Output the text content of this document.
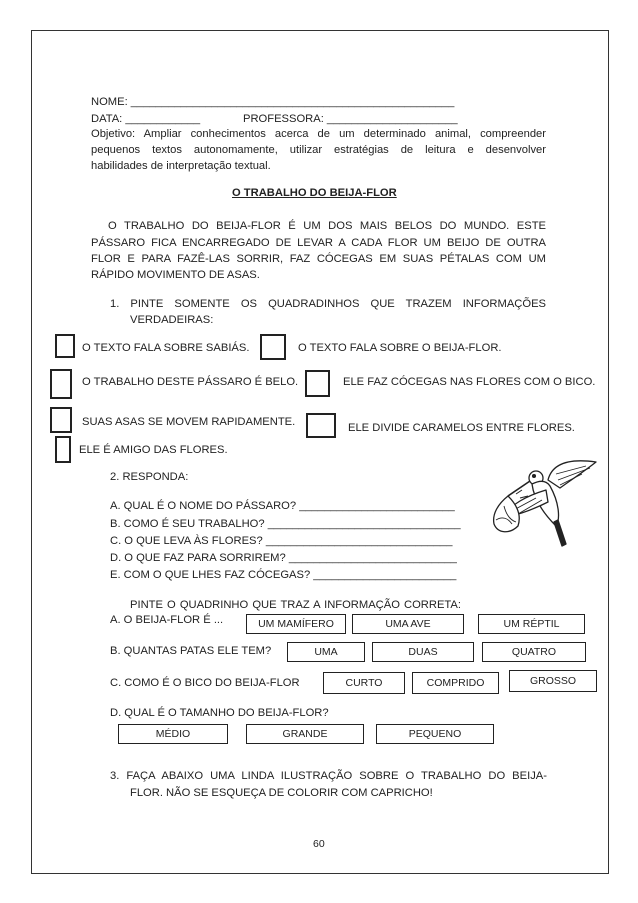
NOME: ____________________________________________________
DATA: ____________	PROFESSORA: _____________________
Objetivo: Ampliar conhecimentos acerca de um determinado animal, compreender
pequenos textos autonomamente, utilizar estratégias de leitura e desenvolver
habilidades de interpretação textual.
O TRABALHO DO BEIJA-FLOR
O TRABALHO DO BEIJA-FLOR É UM DOS MAIS BELOS DO MUNDO. ESTE
PÁSSARO FICA ENCARREGADO DE LEVAR A CADA FLOR UM BEIJO DE OUTRA
FLOR E PARA FAZÊ-LAS SORRIR, FAZ CÓCEGAS EM SUAS PÉTALAS COM UM
RÁPIDO MOVIMENTO DE ASAS.
1. PINTE SOMENTE OS QUADRADINHOS QUE TRAZEM INFORMAÇÕES
VERDADEIRAS:
O TEXTO FALA SOBRE SABIÁS.	O TEXTO FALA SOBRE O BEIJA-FLOR.
O TRABALHO DESTE PÁSSARO É BELO.	ELE FAZ CÓCEGAS NAS FLORES COM O BICO.
SUAS ASAS SE MOVEM RAPIDAMENTE.	ELE DIVIDE CARAMELOS ENTRE FLORES.
ELE É AMIGO DAS FLORES.
2. RESPONDA:
A. QUAL É O NOME DO PÁSSARO? _________________________
B. COMO É SEU TRABALHO? _______________________________
C. O QUE LEVA ÀS FLORES? ______________________________
D. O QUE FAZ PARA SORRIREM? ___________________________
E. COM O QUE LHES FAZ CÓCEGAS? _______________________
PINTE O QUADRINHO QUE TRAZ A INFORMAÇÃO CORRETA:
A. O BEIJA-FLOR É ...	UM MAMÍFERO	UMA AVE	UM RÉPTIL
B. QUANTAS PATAS ELE TEM?	UMA	DUAS	QUATRO
C. COMO É O BICO DO BEIJA-FLOR	CURTO	COMPRIDO	GROSSO
D. QUAL É O TAMANHO DO BEIJA-FLOR?
MÉDIO	GRANDE	PEQUENO
3. FAÇA ABAIXO UMA LINDA ILUSTRAÇÃO SOBRE O TRABALHO DO BEIJA-
FLOR. NÃO SE ESQUEÇA DE COLORIR COM CAPRICHO!
60
